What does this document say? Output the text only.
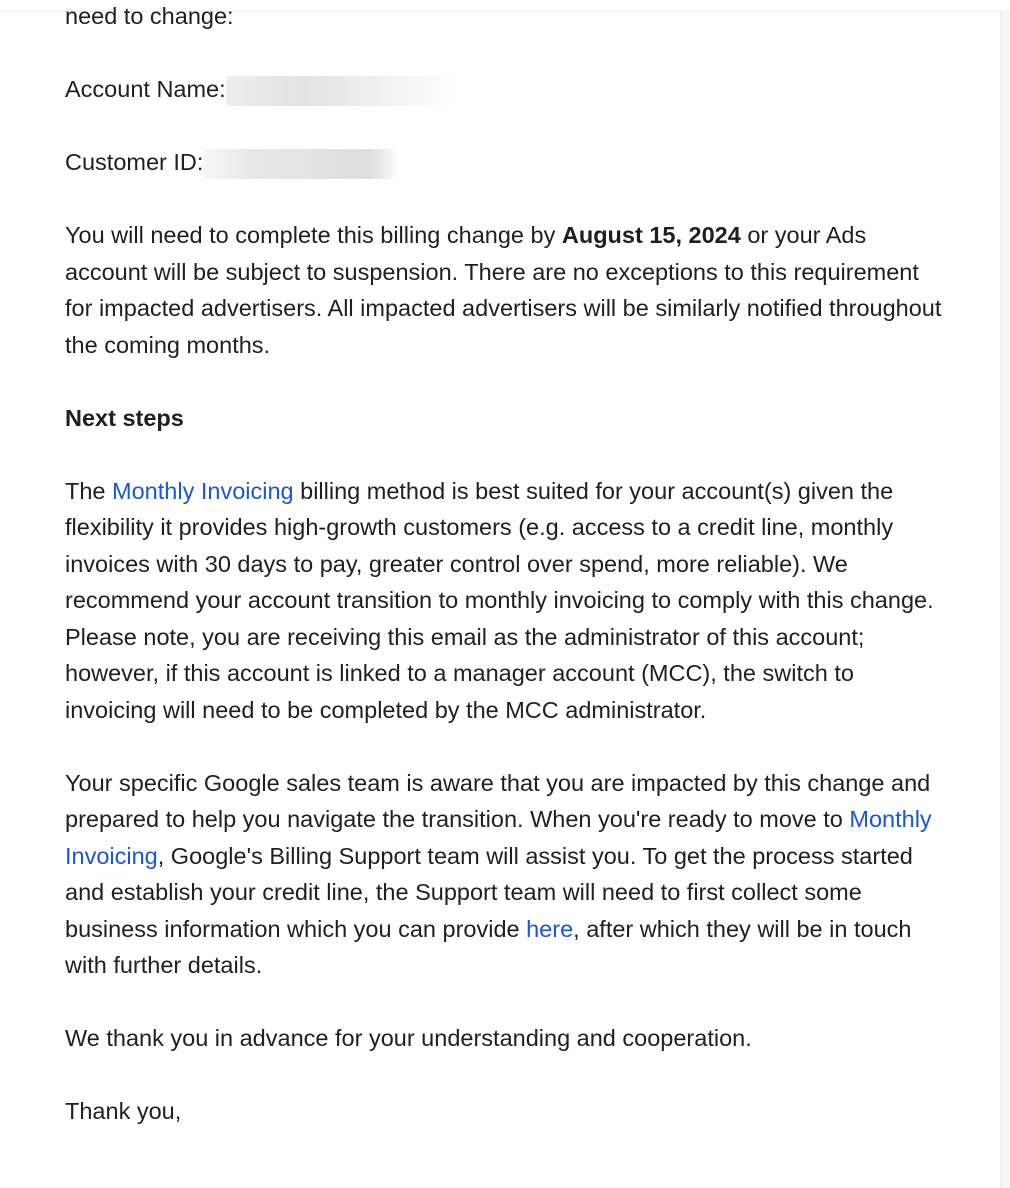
need to change:

Account Name:

Customer ID:

You will need to complete this billing change by August 15, 2024 or your Ads account will be subject to suspension. There are no exceptions to this requirement for impacted advertisers. All impacted advertisers will be similarly notified throughout the coming months.

Next steps

The Monthly Invoicing billing method is best suited for your account(s) given the flexibility it provides high-growth customers (e.g. access to a credit line, monthly invoices with 30 days to pay, greater control over spend, more reliable). We recommend your account transition to monthly invoicing to comply with this change. Please note, you are receiving this email as the administrator of this account; however, if this account is linked to a manager account (MCC), the switch to invoicing will need to be completed by the MCC administrator.

Your specific Google sales team is aware that you are impacted by this change and prepared to help you navigate the transition. When you're ready to move to Monthly Invoicing, Google's Billing Support team will assist you. To get the process started and establish your credit line, the Support team will need to first collect some business information which you can provide here, after which they will be in touch with further details.

We thank you in advance for your understanding and cooperation.

Thank you,
